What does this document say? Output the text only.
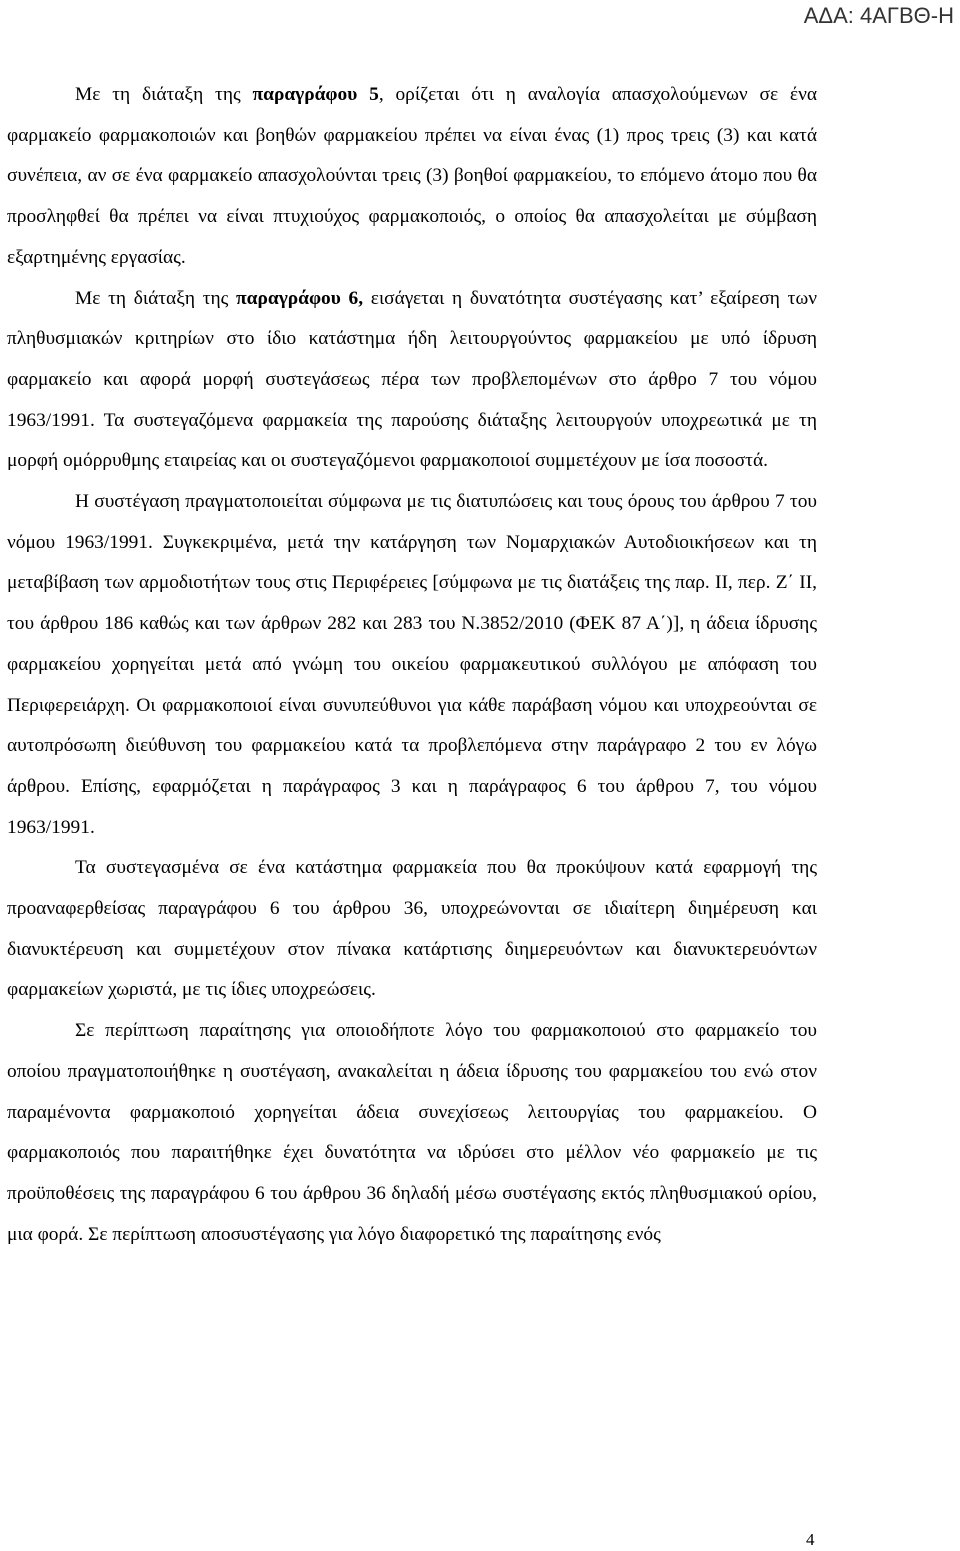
ΑΔΑ: 4ΑΓΒΘ-Η

Με τη διάταξη της παραγράφου 5, ορίζεται ότι η αναλογία απασχολούμενων σε ένα φαρμακείο φαρμακοποιών και βοηθών φαρμακείου πρέπει να είναι ένας (1) προς τρεις (3) και κατά συνέπεια, αν σε ένα φαρμακείο απασχολούνται τρεις (3) βοηθοί φαρμακείου, το επόμενο άτομο που θα προσληφθεί θα πρέπει να είναι πτυχιούχος φαρμακοποιός, ο οποίος θα απασχολείται με σύμβαση εξαρτημένης εργασίας.

Με τη διάταξη της παραγράφου 6, εισάγεται η δυνατότητα συστέγασης κατ’ εξαίρεση των πληθυσμιακών κριτηρίων στο ίδιο κατάστημα ήδη λειτουργούντος φαρμακείου με υπό ίδρυση φαρμακείο και αφορά μορφή συστεγάσεως πέρα των προβλεπομένων στο άρθρο 7 του νόμου 1963/1991. Τα συστεγαζόμενα φαρμακεία της παρούσης διάταξης λειτουργούν υποχρεωτικά με τη μορφή ομόρρυθμης εταιρείας και οι συστεγαζόμενοι φαρμακοποιοί συμμετέχουν με ίσα ποσοστά.

Η συστέγαση πραγματοποιείται σύμφωνα με τις διατυπώσεις και τους όρους του άρθρου 7 του νόμου 1963/1991. Συγκεκριμένα, μετά την κατάργηση των Νομαρχιακών Αυτοδιοικήσεων και τη μεταβίβαση των αρμοδιοτήτων τους στις Περιφέρειες [σύμφωνα με τις διατάξεις της παρ. ΙΙ, περ. Ζ΄ ΙΙ, του άρθρου 186 καθώς και των άρθρων 282 και 283 του Ν.3852/2010 (ΦΕΚ 87 Α΄)], η άδεια ίδρυσης φαρμακείου χορηγείται μετά από γνώμη του οικείου φαρμακευτικού συλλόγου με απόφαση του Περιφερειάρχη. Οι φαρμακοποιοί είναι συνυπεύθυνοι για κάθε παράβαση νόμου και υποχρεούνται σε αυτοπρόσωπη διεύθυνση του φαρμακείου κατά τα προβλεπόμενα στην παράγραφο 2 του εν λόγω άρθρου. Επίσης, εφαρμόζεται η παράγραφος 3 και η παράγραφος 6 του άρθρου 7, του νόμου 1963/1991.

Τα συστεγασμένα σε ένα κατάστημα φαρμακεία που θα προκύψουν κατά εφαρμογή της προαναφερθείσας παραγράφου 6 του άρθρου 36, υποχρεώνονται σε ιδιαίτερη διημέρευση και διανυκτέρευση και συμμετέχουν στον πίνακα κατάρτισης διημερευόντων και διανυκτερευόντων φαρμακείων χωριστά, με τις ίδιες υποχρεώσεις.

Σε περίπτωση παραίτησης για οποιοδήποτε λόγο του φαρμακοποιού στο φαρμακείο του οποίου πραγματοποιήθηκε η συστέγαση, ανακαλείται η άδεια ίδρυσης του φαρμακείου του ενώ στον παραμένοντα φαρμακοποιό χορηγείται άδεια συνεχίσεως λειτουργίας του φαρμακείου. Ο φαρμακοποιός που παραιτήθηκε έχει δυνατότητα να ιδρύσει στο μέλλον νέο φαρμακείο με τις προϋποθέσεις της παραγράφου 6 του άρθρου 36 δηλαδή μέσω συστέγασης εκτός πληθυσμιακού ορίου, μια φορά. Σε περίπτωση αποσυστέγασης για λόγο διαφορετικό της παραίτησης ενός

4
